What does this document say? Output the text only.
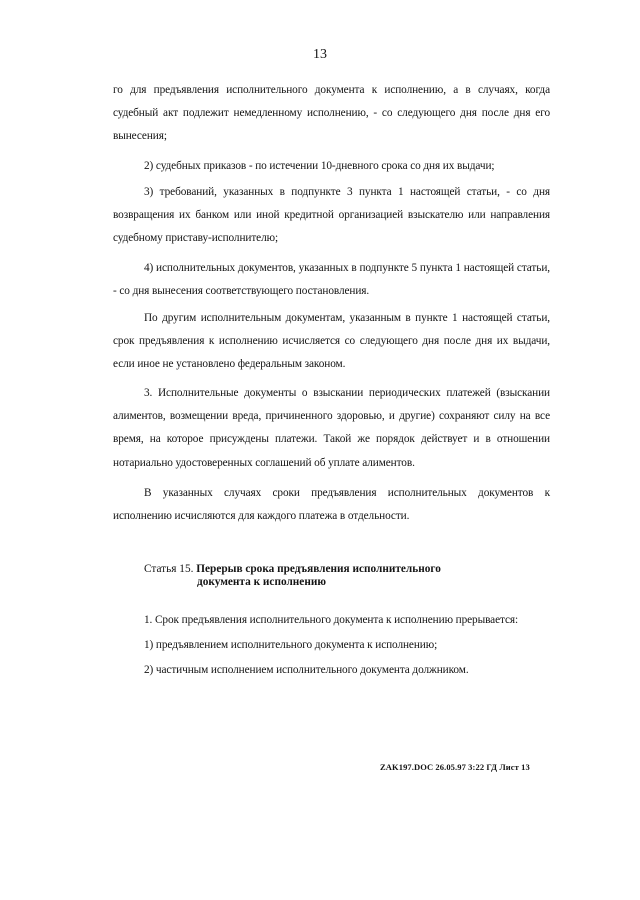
13

го для предъявления исполнительного документа к исполнению, а в случаях, когда судебный акт подлежит немедленному исполнению, - со следующего дня после дня его вынесения;

2) судебных приказов - по истечении 10-дневного срока со дня их выдачи;

3) требований, указанных в подпункте 3 пункта 1 настоящей статьи, - со дня возвращения их банком или иной кредитной организацией взыскателю или направления судебному приставу-исполнителю;

4) исполнительных документов, указанных в подпункте 5 пункта 1 настоящей статьи, - со дня вынесения соответствующего постановления.

По другим исполнительным документам, указанным в пункте 1 настоящей статьи, срок предъявления к исполнению исчисляется со следующего дня после дня их выдачи, если иное не установлено федеральным законом.

3. Исполнительные документы о взыскании периодических платежей (взыскании алиментов, возмещении вреда, причиненного здоровью, и другие) сохраняют силу на все время, на которое присуждены платежи. Такой же порядок действует и в отношении нотариально удостоверенных соглашений об уплате алиментов.

В указанных случаях сроки предъявления исполнительных документов к исполнению исчисляются для каждого платежа в отдельности.

Статья 15. Перерыв срока предъявления исполнительного
документа к исполнению

1. Срок предъявления исполнительного документа к исполнению прерывается:

1) предъявлением исполнительного документа к исполнению;

2) частичным исполнением исполнительного документа должником.

ZAK197.DOC 26.05.97 3:22 ГД Лист 13
